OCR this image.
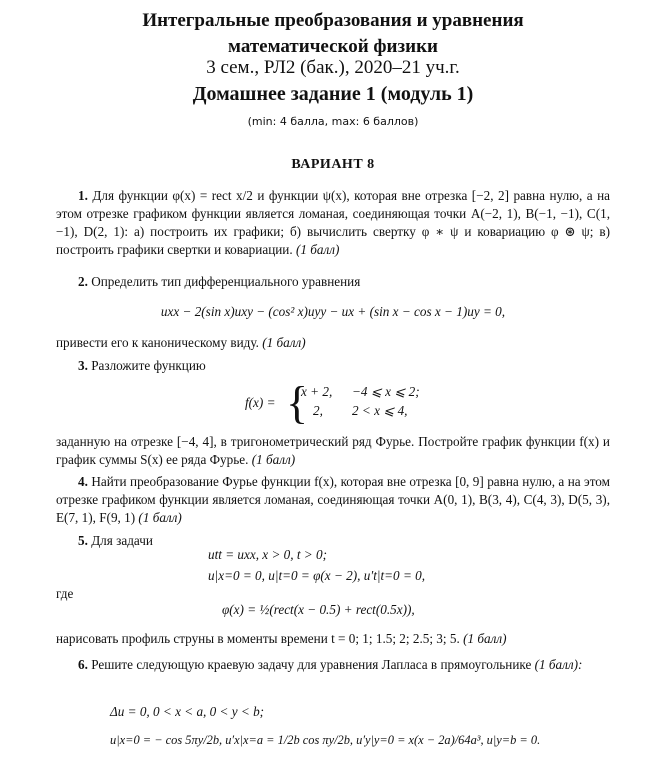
Интегральные преобразования и уравнения
математической физики
3 сем., РЛ2 (бак.), 2020–21 уч.г.
Домашнее задание 1 (модуль 1)
(min: 4 балла, max: 6 баллов)
ВАРИАНТ 8
1. Для функции φ(x) = rect x/2 и функции ψ(x), которая вне отрезка [−2, 2] равна нулю, а на этом отрезке графиком функции является ломаная, соединяющая точки A(−2, 1), B(−1, −1), C(1, −1), D(2, 1): а) построить их графики; б) вычислить свертку φ ∗ ψ и ковариацию φ ⊛ ψ; в) построить графики свертки и ковариации. (1 балл)
2. Определить тип дифференциального уравнения
uxx − 2(sin x)uxy − (cos² x)uyy − ux + (sin x − cos x − 1)uy = 0,
привести его к каноническому виду. (1 балл)
3. Разложите функцию
f(x) = {
x + 2, −4 ⩽ x ⩽ 2;
2, 2 < x ⩽ 4,
заданную на отрезке [−4, 4], в тригонометрический ряд Фурье. Постройте график функции f(x) и график суммы S(x) ее ряда Фурье. (1 балл)
4. Найти преобразование Фурье функции f(x), которая вне отрезка [0, 9] равна нулю, а на этом отрезке графиком функции является ломаная, соединяющая точки A(0, 1), B(3, 4), C(4, 3), D(5, 3), E(7, 1), F(9, 1) (1 балл)
5. Для задачи
utt = uxx, x > 0, t > 0;
u|x=0 = 0, u|t=0 = φ(x − 2), u′t|t=0 = 0,
где
φ(x) = ½(rect(x − 0.5) + rect(0.5x)),
нарисовать профиль струны в моменты времени t = 0; 1; 1.5; 2; 2.5; 3; 5. (1 балл)
6. Решите следующую краевую задачу для уравнения Лапласа в прямоугольнике (1 балл):
Δu = 0, 0 < x < a, 0 < y < b;
u|x=0 = − cos 5πy/2b, u′x|x=a = 1/2b cos πy/2b, u′y|y=0 = x(x − 2a)/64a³, u|y=b = 0.
